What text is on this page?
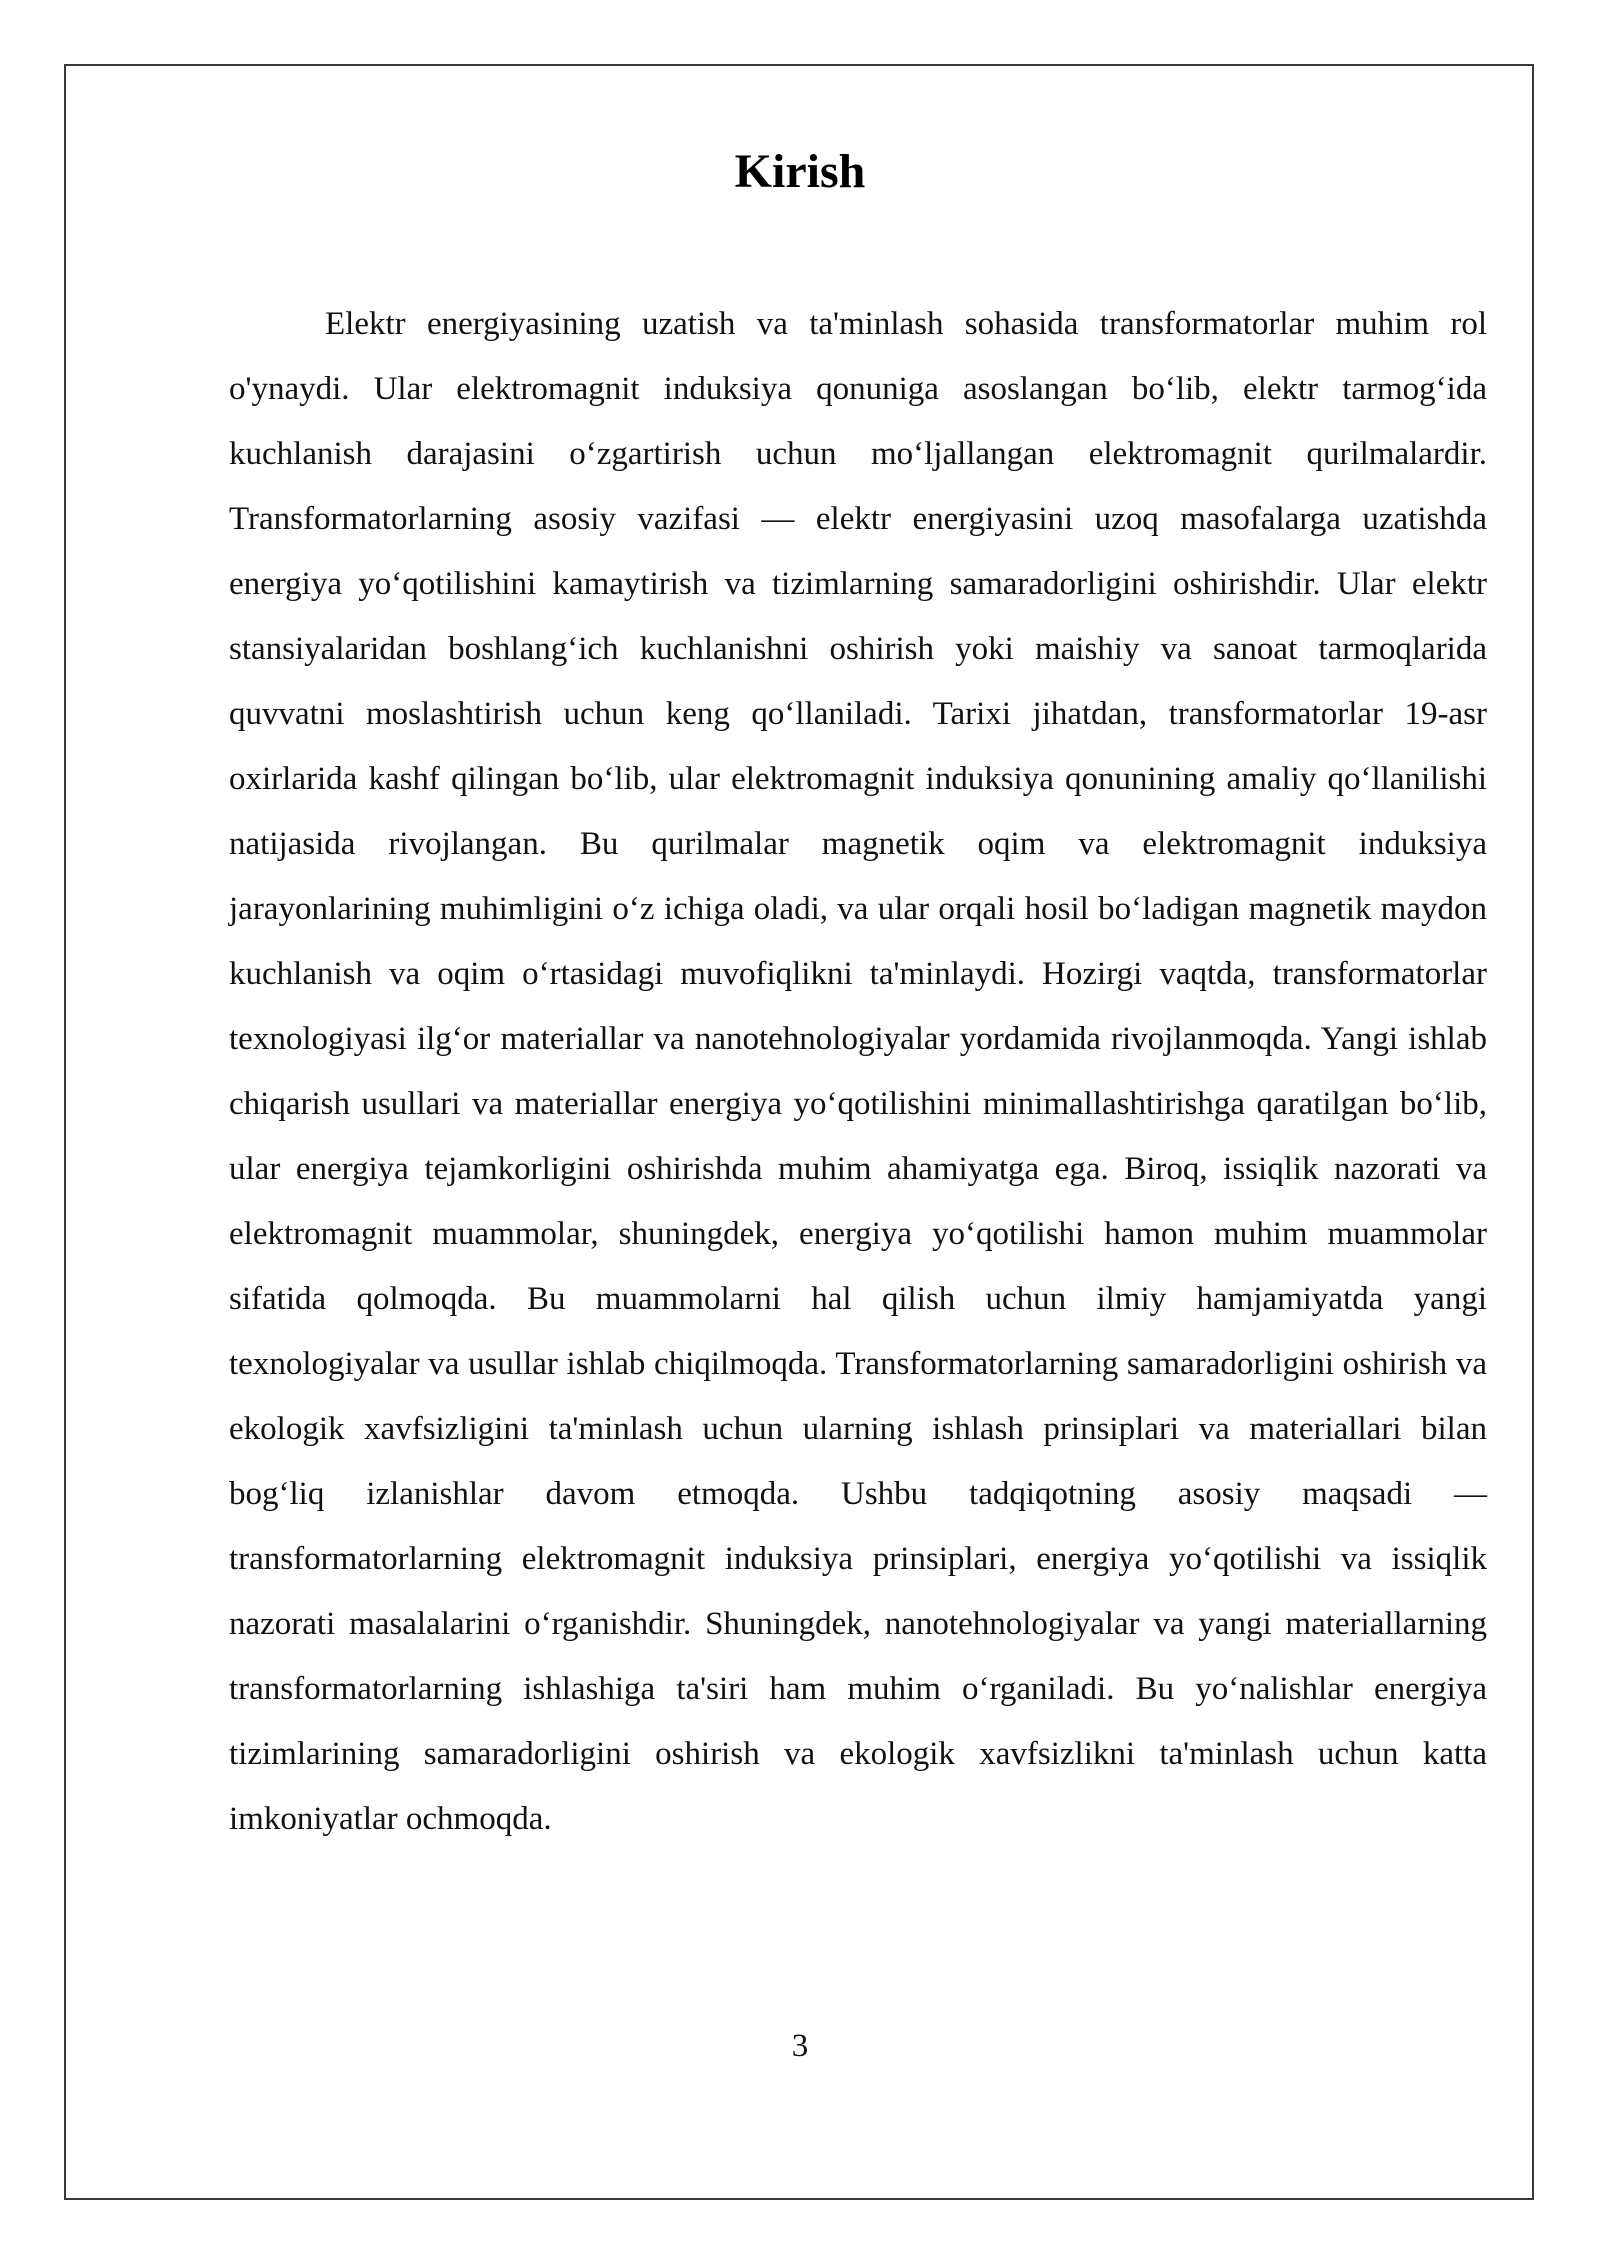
Kirish

Elektr energiyasining uzatish va ta'minlash sohasida transformatorlar muhim rol o'ynaydi. Ular elektromagnit induksiya qonuniga asoslangan bo‘lib, elektr tarmog‘ida kuchlanish darajasini o‘zgartirish uchun mo‘ljallangan elektromagnit qurilmalardir. Transformatorlarning asosiy vazifasi — elektr energiyasini uzoq masofalarga uzatishda energiya yo‘qotilishini kamaytirish va tizimlarning samaradorligini oshirishdir. Ular elektr stansiyalaridan boshlang‘ich kuchlanishni oshirish yoki maishiy va sanoat tarmoqlarida quvvatni moslashtirish uchun keng qo‘llaniladi. Tarixi jihatdan, transformatorlar 19-asr oxirlarida kashf qilingan bo‘lib, ular elektromagnit induksiya qonunining amaliy qo‘llanilishi natijasida rivojlangan. Bu qurilmalar magnetik oqim va elektromagnit induksiya jarayonlarining muhimligini o‘z ichiga oladi, va ular orqali hosil bo‘ladigan magnetik maydon kuchlanish va oqim o‘rtasidagi muvofiqlikni ta'minlaydi. Hozirgi vaqtda, transformatorlar texnologiyasi ilg‘or materiallar va nanotehnologiyalar yordamida rivojlanmoqda. Yangi ishlab chiqarish usullari va materiallar energiya yo‘qotilishini minimallashtirishga qaratilgan bo‘lib, ular energiya tejamkorligini oshirishda muhim ahamiyatga ega. Biroq, issiqlik nazorati va elektromagnit muammolar, shuningdek, energiya yo‘qotilishi hamon muhim muammolar sifatida qolmoqda. Bu muammolarni hal qilish uchun ilmiy hamjamiyatda yangi texnologiyalar va usullar ishlab chiqilmoqda. Transformatorlarning samaradorligini oshirish va ekologik xavfsizligini ta'minlash uchun ularning ishlash prinsiplari va materiallari bilan bog‘liq izlanishlar davom etmoqda. Ushbu tadqiqotning asosiy maqsadi — transformatorlarning elektromagnit induksiya prinsiplari, energiya yo‘qotilishi va issiqlik nazorati masalalarini o‘rganishdir. Shuningdek, nanotehnologiyalar va yangi materiallarning transformatorlarning ishlashiga ta'siri ham muhim o‘rganiladi. Bu yo‘nalishlar energiya tizimlarining samaradorligini oshirish va ekologik xavfsizlikni ta'minlash uchun katta imkoniyatlar ochmoqda.

3
